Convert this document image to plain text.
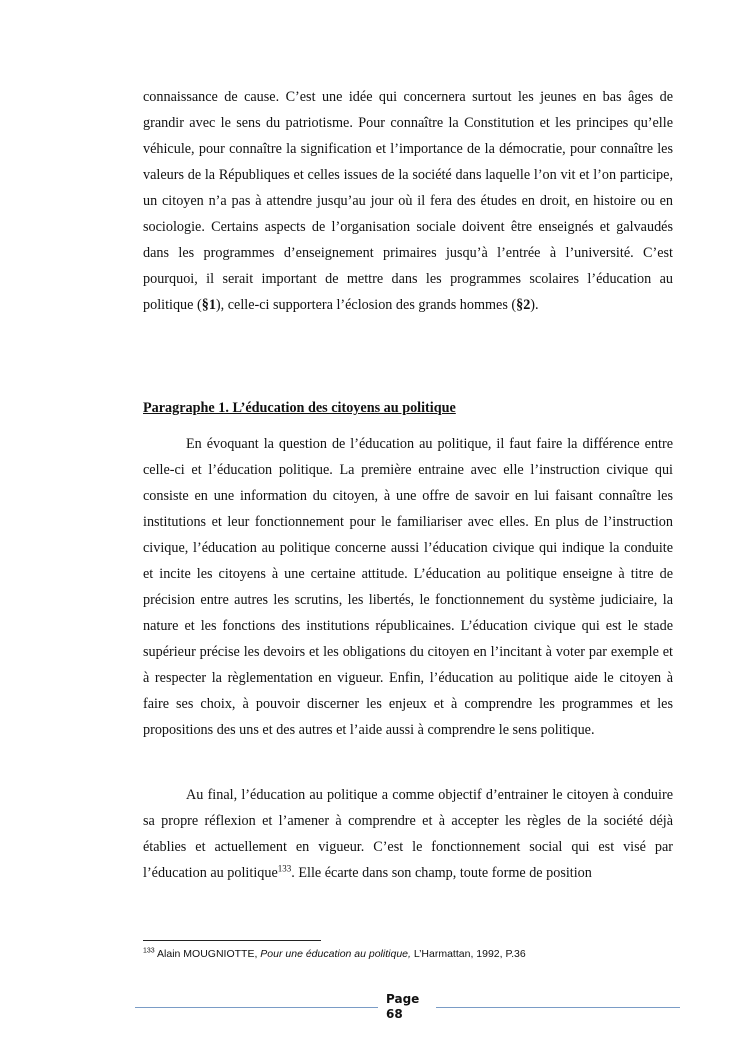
connaissance de cause. C’est une idée qui concernera surtout les jeunes en bas âges de grandir avec le sens du patriotisme. Pour connaître la Constitution et les principes qu’elle véhicule, pour connaître la signification et l’importance de la démocratie, pour connaître les valeurs de la Républiques et celles issues de la société dans laquelle l’on vit et l’on participe, un citoyen n’a pas à attendre jusqu’au jour où il fera des études en droit, en histoire ou en sociologie. Certains aspects de l’organisation sociale doivent être enseignés et galvaudés dans les programmes d’enseignement primaires jusqu’à l’entrée à l’université. C’est pourquoi, il serait important de mettre dans les programmes scolaires l’éducation au politique (§1), celle-ci supportera l’éclosion des grands hommes (§2).

Paragraphe 1. L’éducation des citoyens au politique

En évoquant la question de l’éducation au politique, il faut faire la différence entre celle-ci et l’éducation politique. La première entraine avec elle l’instruction civique qui consiste en une information du citoyen, à une offre de savoir en lui faisant connaître les institutions et leur fonctionnement pour le familiariser avec elles. En plus de l’instruction civique, l’éducation au politique concerne aussi l’éducation civique qui indique la conduite et incite les citoyens à une certaine attitude. L’éducation au politique enseigne à titre de précision entre autres les scrutins, les libertés, le fonctionnement du système judiciaire, la nature et les fonctions des institutions républicaines. L’éducation civique qui est le stade supérieur précise les devoirs et les obligations du citoyen en l’incitant à voter par exemple et à respecter la règlementation en vigueur. Enfin, l’éducation au politique aide le citoyen à faire ses choix, à pouvoir discerner les enjeux et à comprendre les programmes et les propositions des uns et des autres et l’aide aussi à comprendre le sens politique.

Au final, l’éducation au politique a comme objectif d’entrainer le citoyen à conduire sa propre réflexion et l’amener à comprendre et à accepter les règles de la société déjà établies et actuellement en vigueur. C’est le fonctionnement social qui est visé par l’éducation au politique$^{133}$. Elle écarte dans son champ, toute forme de position

$^{133}$ Alain MOUGNIOTTE, Pour une éducation au politique, L’Harmattan, 1992, P.36
Page
68
